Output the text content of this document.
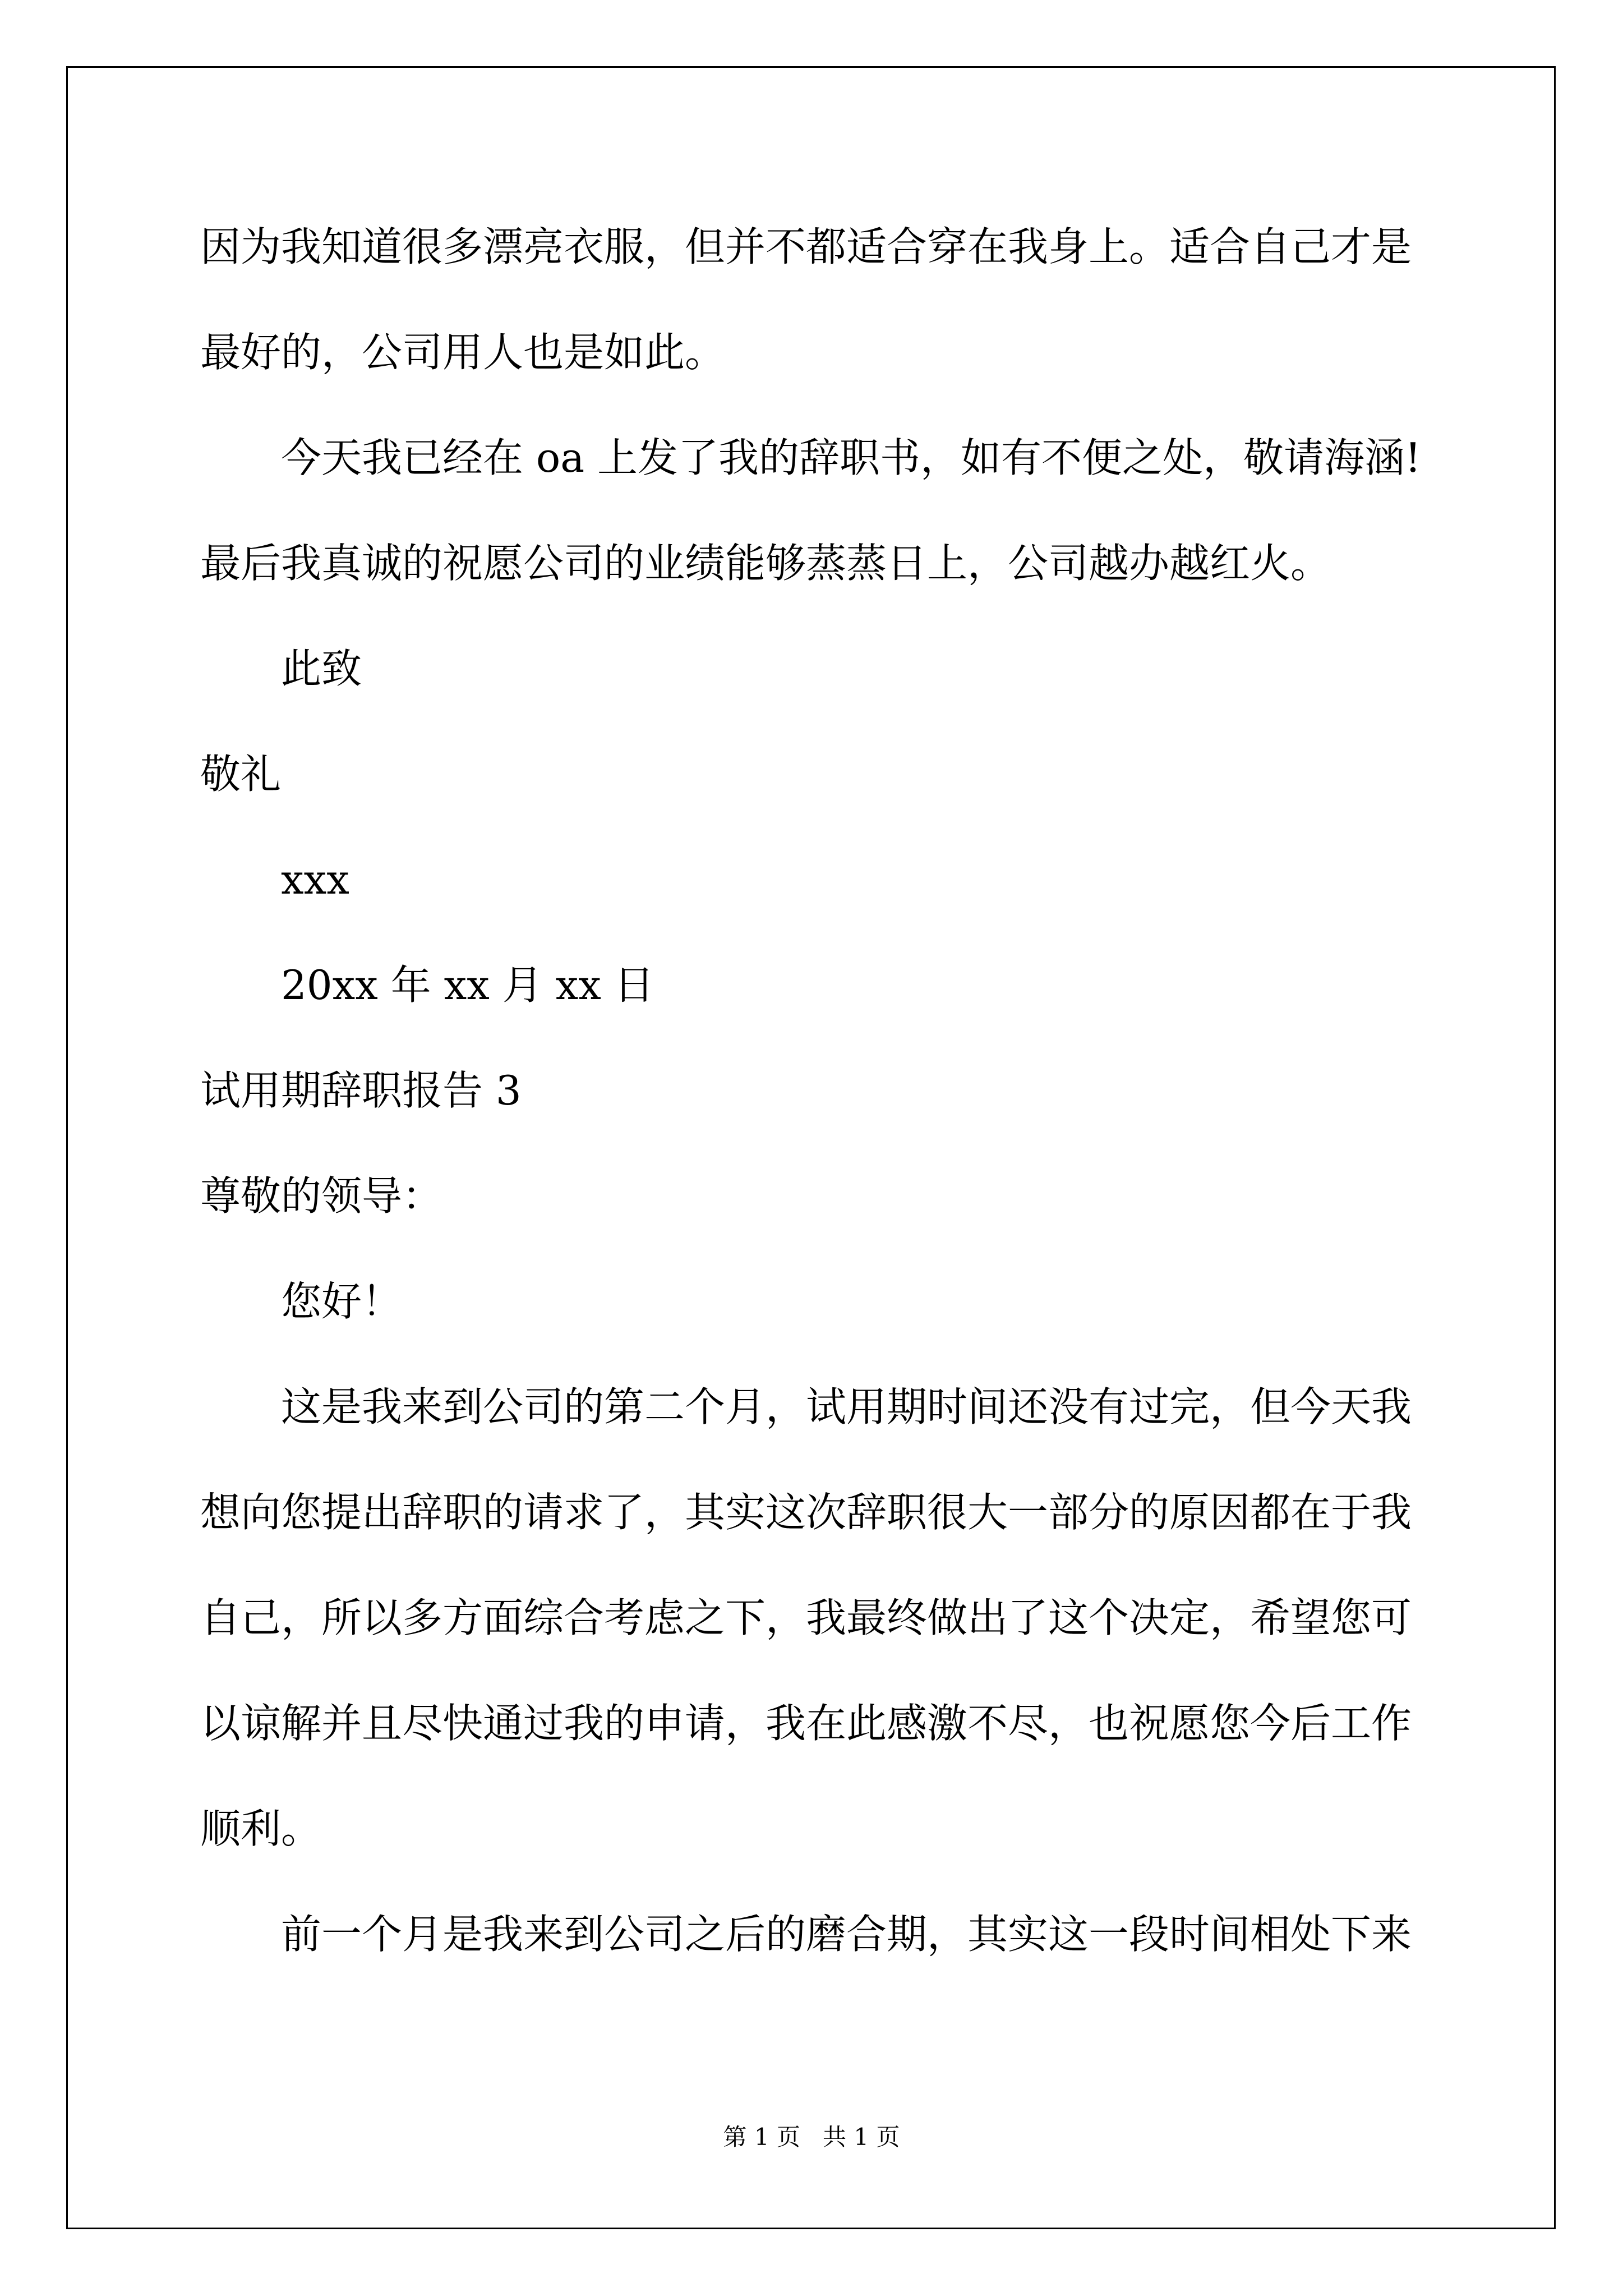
因为我知道很多漂亮衣服，但并不都适合穿在我身上。适合自己才是
最好的，公司用人也是如此。
今天我已经在 oa 上发了我的辞职书，如有不便之处，敬请海涵!
最后我真诚的祝愿公司的业绩能够蒸蒸日上，公司越办越红火。
此致
敬礼
xxx
20xx 年 xx 月 xx 日
试用期辞职报告 3
尊敬的领导：
您好！
这是我来到公司的第二个月，试用期时间还没有过完，但今天我
想向您提出辞职的请求了，其实这次辞职很大一部分的原因都在于我
自己，所以多方面综合考虑之下，我最终做出了这个决定，希望您可
以谅解并且尽快通过我的申请，我在此感激不尽，也祝愿您今后工作
顺利。
前一个月是我来到公司之后的磨合期，其实这一段时间相处下来
第 1 页   共 1 页
